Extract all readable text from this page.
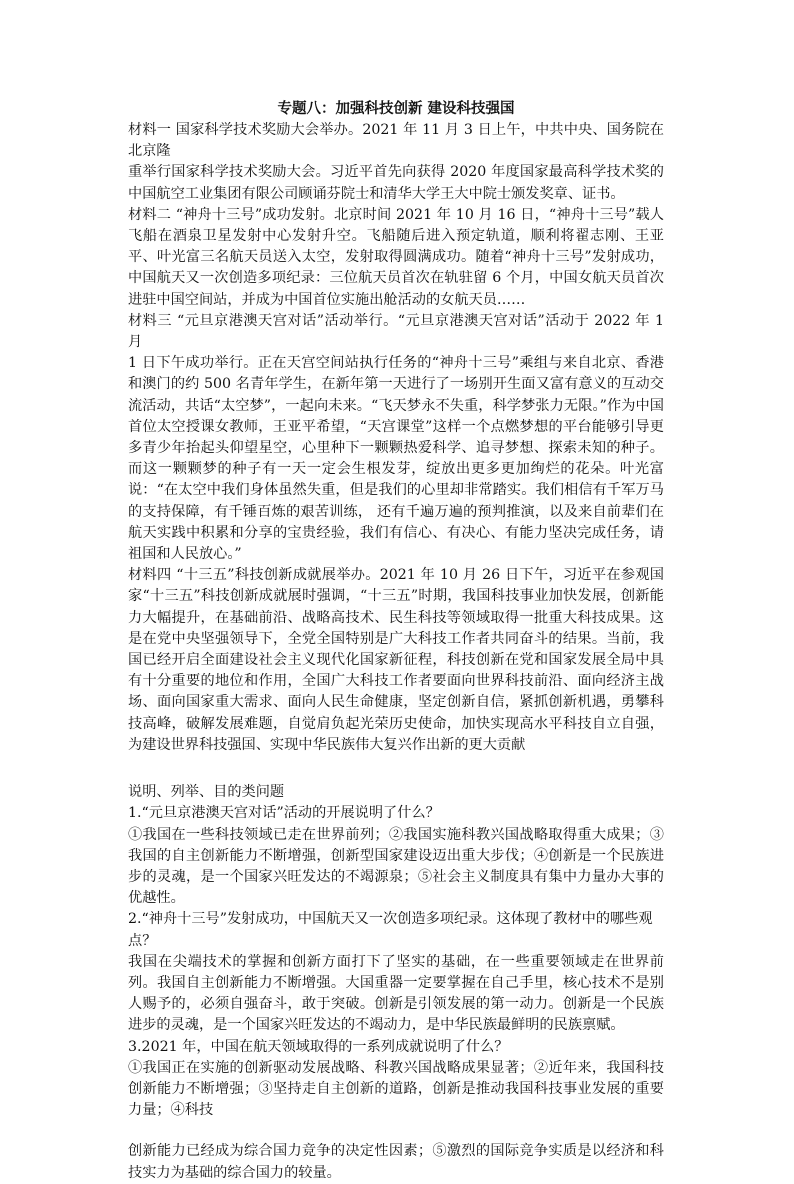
专题八：加强科技创新 建设科技强国

材料一 国家科学技术奖励大会举办。2021 年 11 月 3 日上午，中共中央、国务院在北京隆

重举行国家科学技术奖励大会。习近平首先向获得 2020 年度国家最高科学技术奖的中国航空工业集团有限公司顾诵芬院士和清华大学王大中院士颁发奖章、证书。

材料二 “神舟十三号”成功发射。北京时间 2021 年 10 月 16 日，“神舟十三号”载人飞船在酒泉卫星发射中心发射升空。飞船随后进入预定轨道，顺利将翟志刚、王亚平、叶光富三名航天员送入太空，发射取得圆满成功。随着“神舟十三号”发射成功，中国航天又一次创造多项纪录：三位航天员首次在轨驻留 6 个月，中国女航天员首次进驻中国空间站，并成为中国首位实施出舱活动的女航天员……

材料三 “元旦京港澳天宫对话”活动举行。“元旦京港澳天宫对话”活动于 2022 年 1 月

1 日下午成功举行。正在天宫空间站执行任务的“神舟十三号”乘组与来自北京、香港和澳门的约 500 名青年学生，在新年第一天进行了一场别开生面又富有意义的互动交流活动，共话“太空梦”，一起向未来。“飞天梦永不失重，科学梦张力无限。”作为中国首位太空授课女教师，王亚平希望，“天宫课堂”这样一个点燃梦想的平台能够引导更多青少年抬起头仰望星空，心里种下一颗颗热爱科学、追寻梦想、探索未知的种子。而这一颗颗梦的种子有一天一定会生根发芽，绽放出更多更加绚烂的花朵。叶光富说：“在太空中我们身体虽然失重，但是我们的心里却非常踏实。我们相信有千军万马的支持保障，有千锤百炼的艰苦训练， 还有千遍万遍的预判推演，以及来自前辈们在航天实践中积累和分享的宝贵经验，我们有信心、有决心、有能力坚决完成任务，请祖国和人民放心。”

材料四 “十三五”科技创新成就展举办。2021 年 10 月 26 日下午，习近平在参观国家“十三五”科技创新成就展时强调，“十三五”时期，我国科技事业加快发展，创新能力大幅提升，在基础前沿、战略高技术、民生科技等领域取得一批重大科技成果。这是在党中央坚强领导下，全党全国特别是广大科技工作者共同奋斗的结果。当前，我国已经开启全面建设社会主义现代化国家新征程，科技创新在党和国家发展全局中具有十分重要的地位和作用，全国广大科技工作者要面向世界科技前沿、面向经济主战场、面向国家重大需求、面向人民生命健康，坚定创新自信，紧抓创新机遇，勇攀科技高峰，破解发展难题，自觉肩负起光荣历史使命，加快实现高水平科技自立自强，为建设世界科技强国、实现中华民族伟大复兴作出新的更大贡献

说明、列举、目的类问题

1.“元旦京港澳天宫对话”活动的开展说明了什么？

①我国在一些科技领域已走在世界前列；②我国实施科教兴国战略取得重大成果；③我国的自主创新能力不断增强，创新型国家建设迈出重大步伐；④创新是一个民族进步的灵魂，是一个国家兴旺发达的不竭源泉；⑤社会主义制度具有集中力量办大事的优越性。

2.“神舟十三号”发射成功，中国航天又一次创造多项纪录。这体现了教材中的哪些观点？

我国在尖端技术的掌握和创新方面打下了坚实的基础，在一些重要领域走在世界前列。我国自主创新能力不断增强。大国重器一定要掌握在自己手里，核心技术不是别人赐予的，必须自强奋斗，敢于突破。创新是引领发展的第一动力。创新是一个民族进步的灵魂，是一个国家兴旺发达的不竭动力，是中华民族最鲜明的民族禀赋。

3.2021 年，中国在航天领域取得的一系列成就说明了什么？

①我国正在实施的创新驱动发展战略、科教兴国战略成果显著；②近年来，我国科技创新能力不断增强；③坚持走自主创新的道路，创新是推动我国科技事业发展的重要力量；④科技

创新能力已经成为综合国力竞争的决定性因素；⑤激烈的国际竞争实质是以经济和科技实力为基础的综合国力的较量。
